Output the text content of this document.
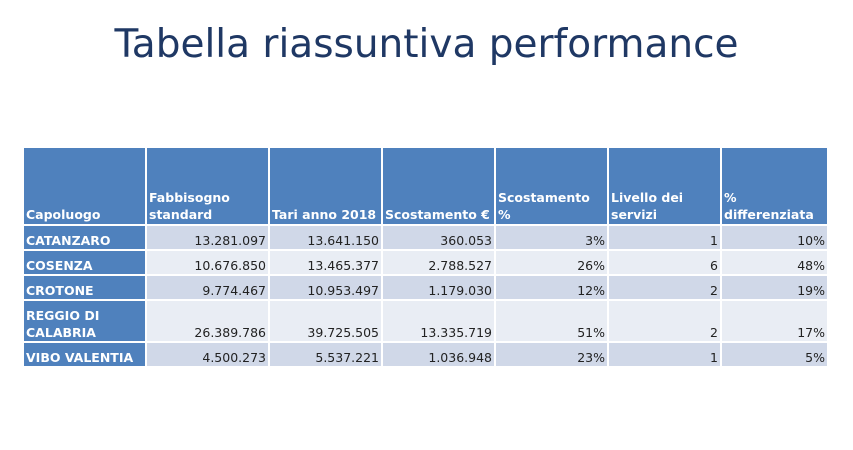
Tabella riassuntiva performance
Capoluogo	Fabbisogno standard	Tari anno 2018	Scostamento €	Scostamento %	Livello dei servizi	% differenziata
CATANZARO	13.281.097	13.641.150	360.053	3%	1	10%
COSENZA	10.676.850	13.465.377	2.788.527	26%	6	48%
CROTONE	9.774.467	10.953.497	1.179.030	12%	2	19%
REGGIO DI CALABRIA	26.389.786	39.725.505	13.335.719	51%	2	17%
VIBO VALENTIA	4.500.273	5.537.221	1.036.948	23%	1	5%
